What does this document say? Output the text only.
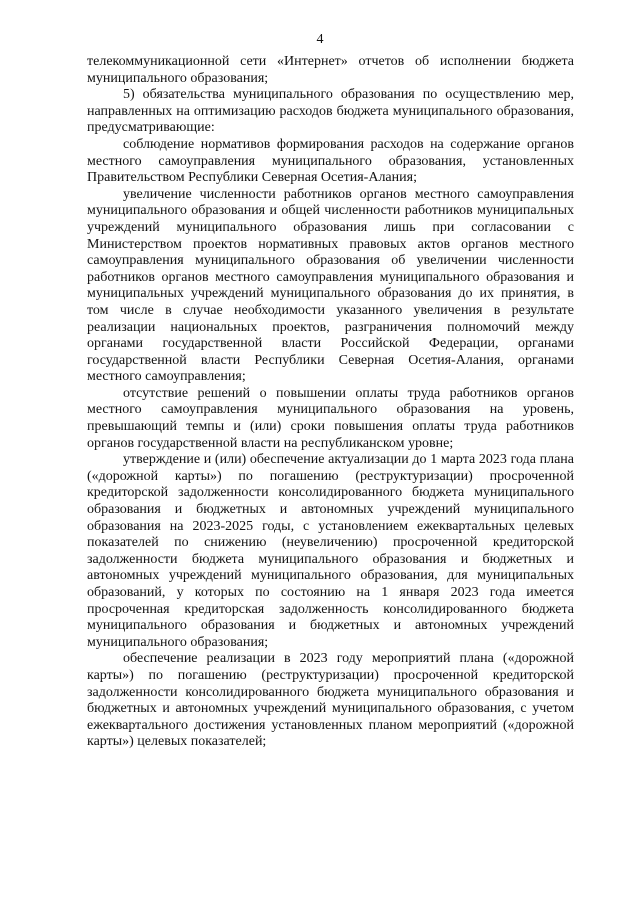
4

телекоммуникационной сети «Интернет» отчетов об исполнении бюджета муниципального образования;

5) обязательства муниципального образования по осуществлению мер, направленных на оптимизацию расходов бюджета муниципального образования, предусматривающие:

соблюдение нормативов формирования расходов на содержание органов местного самоуправления муниципального образования, установленных Правительством Республики Северная Осетия-Алания;

увеличение численности работников органов местного самоуправления муниципального образования и общей численности работников муниципальных учреждений муниципального образования лишь при согласовании с Министерством проектов нормативных правовых актов органов местного самоуправления муниципального образования об увеличении численности работников органов местного самоуправления муниципального образования и муниципальных учреждений муниципального образования до их принятия, в том числе в случае необходимости указанного увеличения в результате реализации национальных проектов, разграничения полномочий между органами государственной власти Российской Федерации, органами государственной власти Республики Северная Осетия-Алания, органами местного самоуправления;

отсутствие решений о повышении оплаты труда работников органов местного самоуправления муниципального образования на уровень, превышающий темпы и (или) сроки повышения оплаты труда работников органов государственной власти на республиканском уровне;

утверждение и (или) обеспечение актуализации до 1 марта 2023 года плана («дорожной карты») по погашению (реструктуризации) просроченной кредиторской задолженности консолидированного бюджета муниципального образования и бюджетных и автономных учреждений муниципального образования на 2023-2025 годы, с установлением ежеквартальных целевых показателей по снижению (неувеличению) просроченной кредиторской задолженности бюджета муниципального образования и бюджетных и автономных учреждений муниципального образования, для муниципальных образований, у которых по состоянию на 1 января 2023 года имеется просроченная кредиторская задолженность консолидированного бюджета муниципального образования и бюджетных и автономных учреждений муниципального образования;

обеспечение реализации в 2023 году мероприятий плана («дорожной карты») по погашению (реструктуризации) просроченной кредиторской задолженности консолидированного бюджета муниципального образования и бюджетных и автономных учреждений муниципального образования, с учетом ежеквартального достижения установленных планом мероприятий («дорожной карты») целевых показателей;
